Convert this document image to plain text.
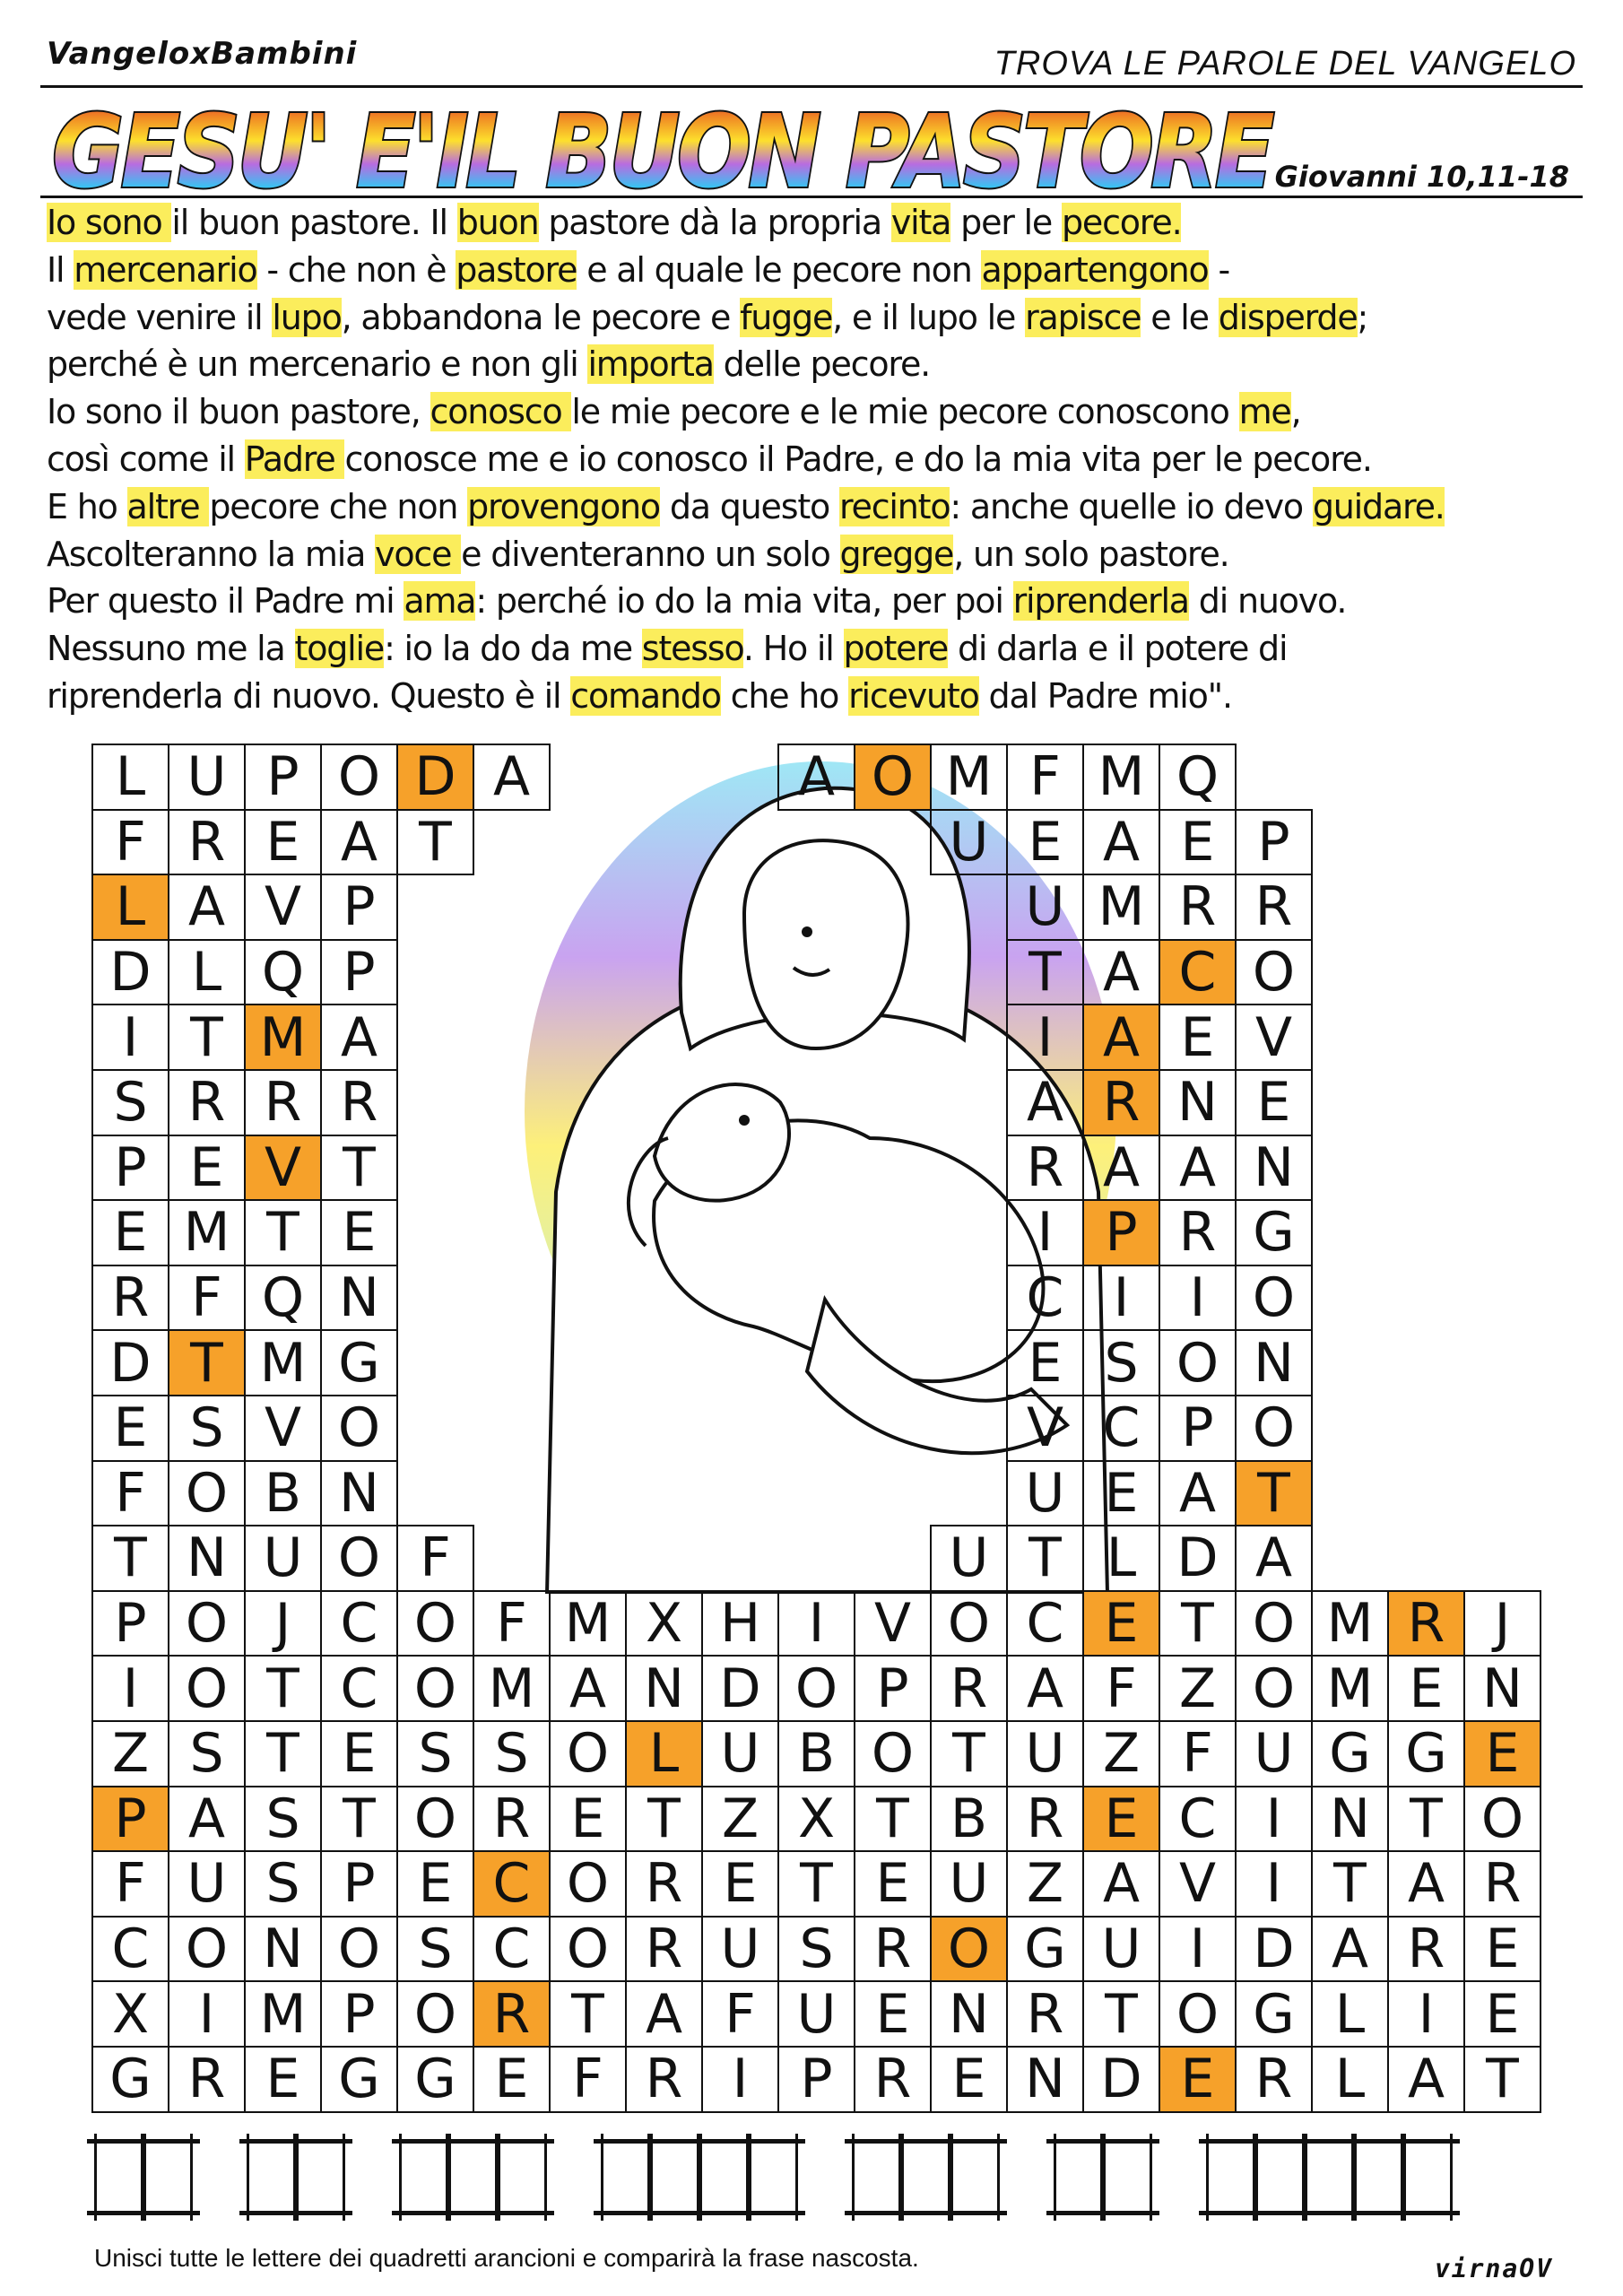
VangeloxBambini	TROVA LE PAROLE DEL VANGELO
GESU' E'IL BUON PASTORE Giovanni 10,11-18
Io sono il buon pastore. Il buon pastore dà la propria vita per le pecore.
Il mercenario - che non è pastore e al quale le pecore non appartengono -
vede venire il lupo, abbandona le pecore e fugge, e il lupo le rapisce e le disperde;
perché è un mercenario e non gli importa delle pecore.
Io sono il buon pastore, conosco le mie pecore e le mie pecore conoscono me,
così come il Padre conosce me e io conosco il Padre, e do la mia vita per le pecore.
E ho altre pecore che non provengono da questo recinto: anche quelle io devo guidare.
Ascolteranno la mia voce e diventeranno un solo gregge, un solo pastore.
Per questo il Padre mi ama: perché io do la mia vita, per poi riprenderla di nuovo.
Nessuno me la toglie: io la do da me stesso. Ho il potere di darla e il potere di
riprenderla di nuovo. Questo è il comando che ho ricevuto dal Padre mio".
L U P O D A	A O M F M Q
F R E A T	U E A E P
L A V P	U M R R
D L Q P	T A C O
I T M A	I A E V
S R R R	A R N E
P E V T	R A A N
E M T E	I P R G
R F Q N	C I	I O
D T M G	E S O N
E S V O	V C P O
F O B N	U E A T
T N U O F	U T L D A
P O J C O F M X H I V O C E T O M R J
I O T C O M A N D O P R A F Z O M E N
Z S T E S S O L U B O T U Z F U G G E
P A S T O R E T Z X T B R E C I N T O
F U S P E C O R E T E U Z A V I T A R
C O N O S C O R U S R O G U I D A R E
X I M P O R T A F U E N R T O G L I E
G R E G G E F R I P R E N D E R L A T
Unisci tutte le lettere dei quadretti arancioni e comparirà la frase nascosta.	virnaOV
